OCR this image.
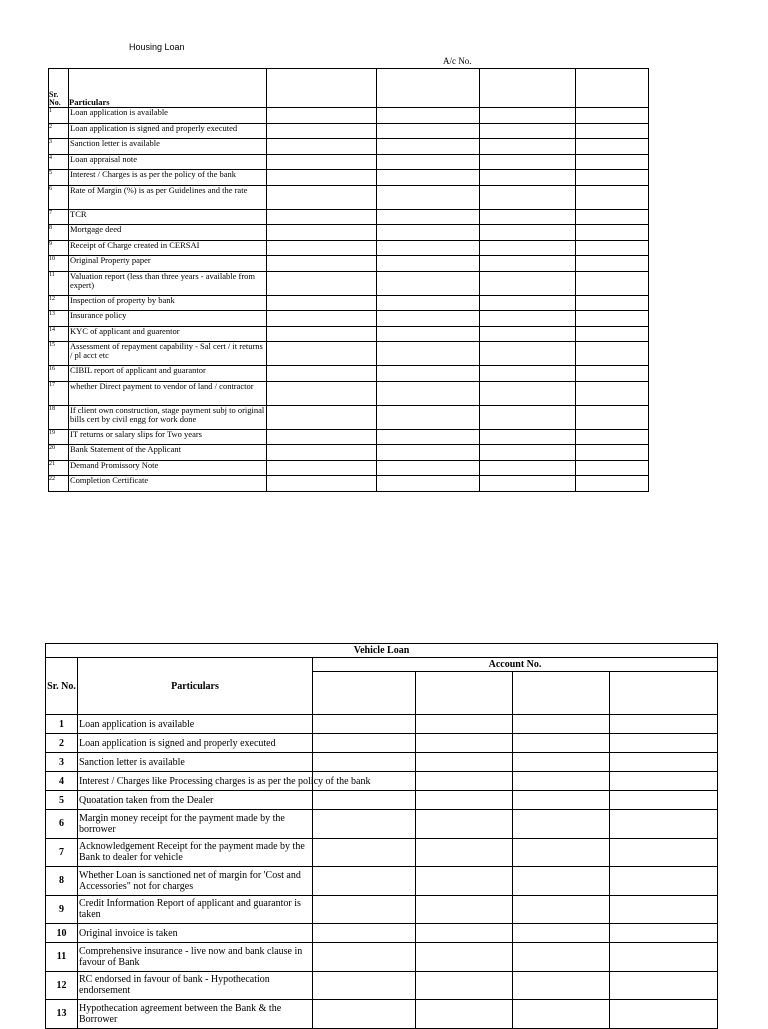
Housing Loan
A/c No.
Sr. No.	Particulars				
1	Loan application is available				
2	Loan application is signed and properly executed				
3	Sanction letter is available				
4	Loan appraisal note				
5	Interest / Charges is as per the policy of the bank				
6	Rate of Margin (%) is as per Guidelines and the rate				
7	TCR				
8	Mortgage deed				
9	Receipt of Charge created in CERSAI				
10	Original Property paper				
11	Valuation report (less than three years - available from expert)				
12	Inspection of property by bank				
13	Insurance policy				
14	KYC of applicant and guarentor				
15	Assessment of repayment capability - Sal cert / it returns / pl acct etc				
16	CIBIL report of applicant and guarantor				
17	whether Direct payment to vendor of land / contractor				
18	If client own construction, stage payment subj to original bills cert by civil engg for work done				
19	IT returns or salary slips for Two years				
20	Bank Statement of the Applicant				
21	Demand Promissory Note				
22	Completion Certificate				
Vehicle Loan					
Sr. No.	Particulars	Account No.			

1	Loan application is available				
2	Loan application is signed and properly executed				
3	Sanction letter is available				
4	Interest / Charges like Processing charges is as per the policy of the bank				
5	Quoatation taken from the Dealer				
6	Margin money receipt for the payment made by the borrower				
7	Acknowledgement Receipt for the payment made by the Bank to dealer for vehicle				
8	Whether Loan is sanctioned net of margin for 'Cost and Accessories" not for charges				
9	Credit Information Report of applicant and guarantor is taken				
10	Original invoice is taken				
11	Comprehensive insurance - live now and bank clause in favour of Bank				
12	RC endorsed in favour of bank - Hypothecation endorsement				
13	Hypothecation agreement between the Bank & the Borrower				
